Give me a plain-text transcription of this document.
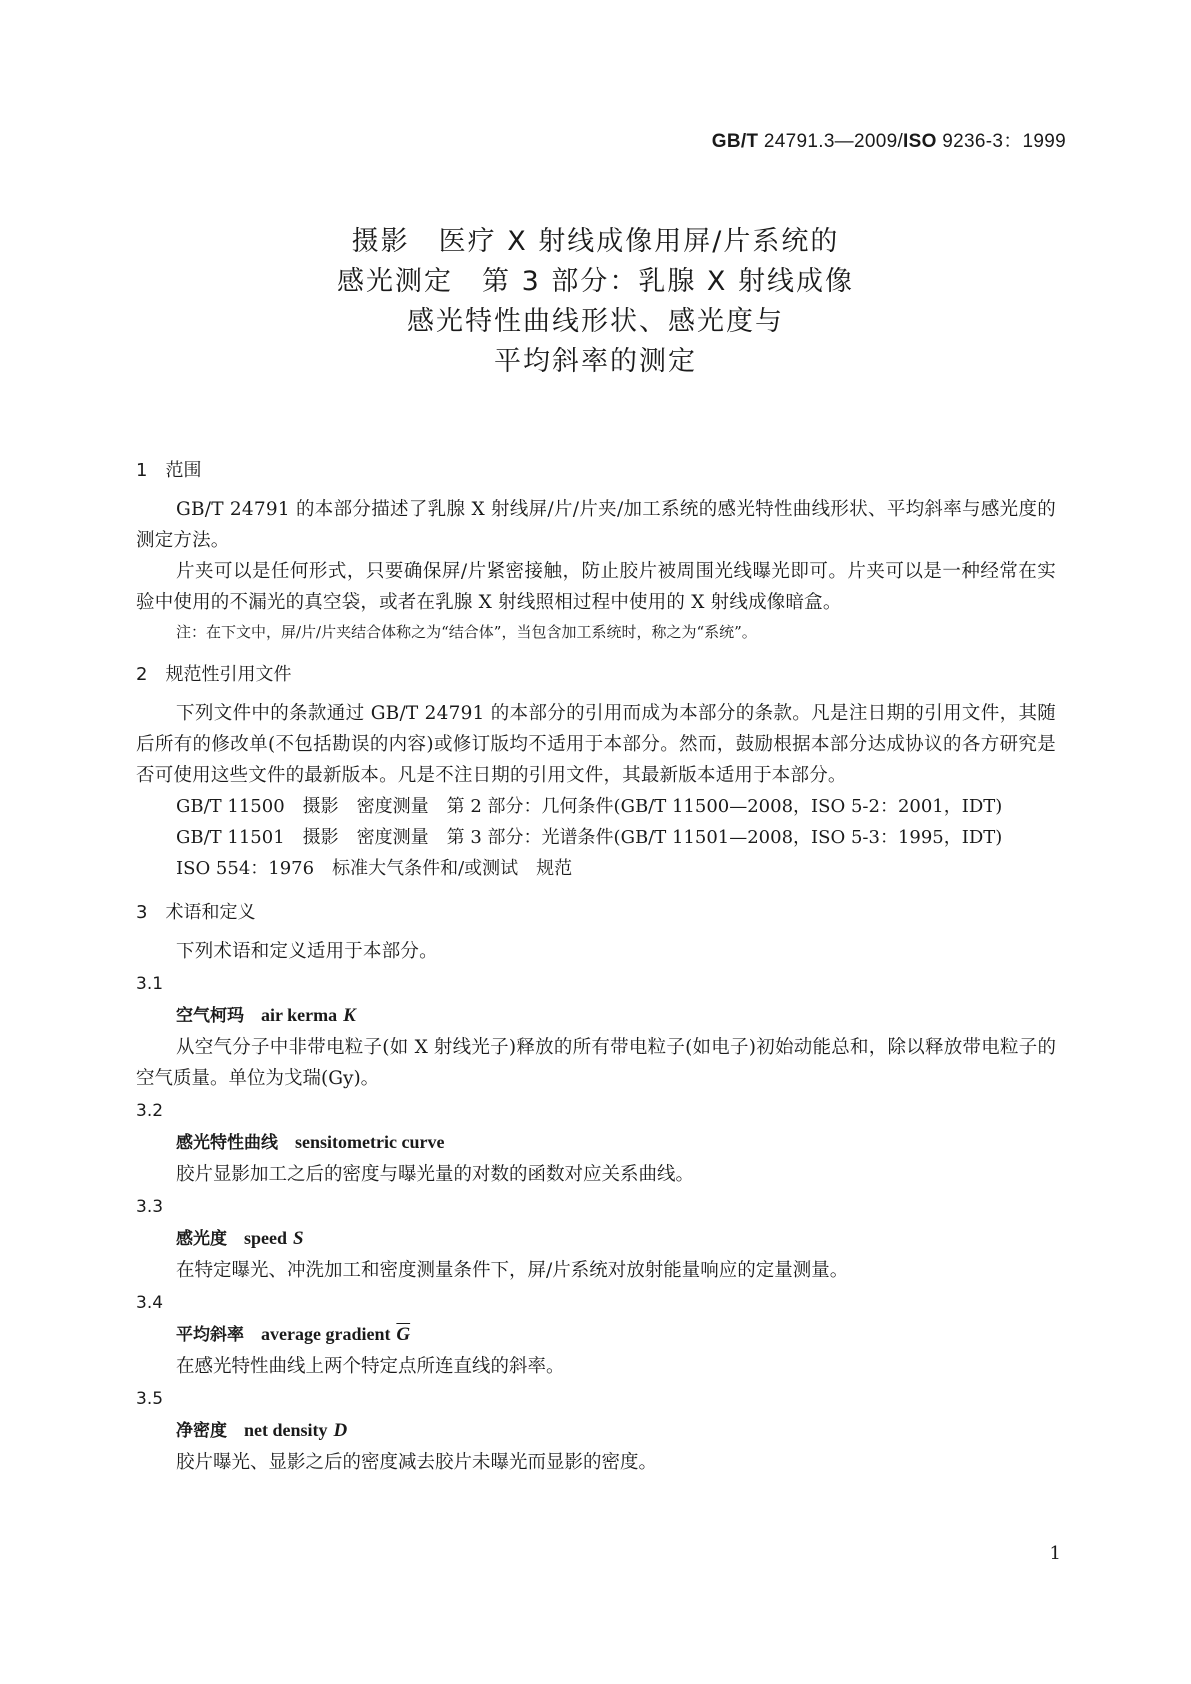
GB/T 24791.3—2009/ISO 9236-3：1999
摄影　医疗 X 射线成像用屏/片系统的
感光测定　第 3 部分：乳腺 X 射线成像
感光特性曲线形状、感光度与
平均斜率的测定
1　范围
GB/T 24791 的本部分描述了乳腺 X 射线屏/片/片夹/加工系统的感光特性曲线形状、平均斜率与感光度的测定方法。
片夹可以是任何形式，只要确保屏/片紧密接触，防止胶片被周围光线曝光即可。片夹可以是一种经常在实验中使用的不漏光的真空袋，或者在乳腺 X 射线照相过程中使用的 X 射线成像暗盒。
注：在下文中，屏/片/片夹结合体称之为“结合体”，当包含加工系统时，称之为“系统”。
2　规范性引用文件
下列文件中的条款通过 GB/T 24791 的本部分的引用而成为本部分的条款。凡是注日期的引用文件，其随后所有的修改单(不包括勘误的内容)或修订版均不适用于本部分。然而，鼓励根据本部分达成协议的各方研究是否可使用这些文件的最新版本。凡是不注日期的引用文件，其最新版本适用于本部分。
GB/T 11500　摄影　密度测量　第 2 部分：几何条件(GB/T 11500—2008，ISO 5-2：2001，IDT)
GB/T 11501　摄影　密度测量　第 3 部分：光谱条件(GB/T 11501—2008，ISO 5-3：1995，IDT)
ISO 554：1976　标准大气条件和/或测试　规范
3　术语和定义
下列术语和定义适用于本部分。
3.1
空气柯玛　 air kerma K
从空气分子中非带电粒子(如 X 射线光子)释放的所有带电粒子(如电子)初始动能总和，除以释放带电粒子的空气质量。单位为戈瑞(Gy)。
3.2
感光特性曲线　 sensitometric curve
胶片显影加工之后的密度与曝光量的对数的函数对应关系曲线。
3.3
感光度　 speed S
在特定曝光、冲洗加工和密度测量条件下，屏/片系统对放射能量响应的定量测量。
3.4
平均斜率　 average gradient $\overline{G}$
在感光特性曲线上两个特定点所连直线的斜率。
3.5
净密度　 net density D
胶片曝光、显影之后的密度减去胶片未曝光而显影的密度。
1
